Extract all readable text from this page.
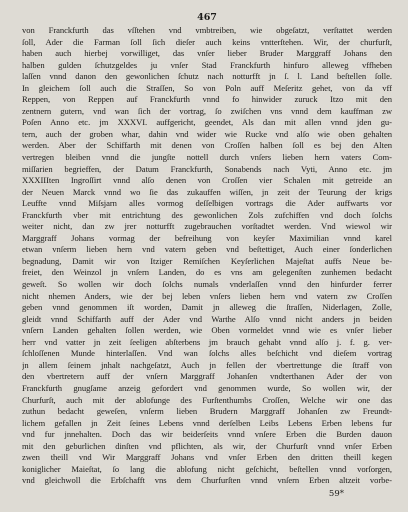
467
von Franckfurth das vſſtehen vnd vmbtreiben, wie obgeſatzt, verſtattet werden
ſoll, Ader die Farman ſoll ſich dieſer auch keins vntterſtehen. Wir, der churfurſt,
haben auch hierbej vorwilliget, das vnſer lieber Bruder Marggraff Johans den
halben gulden ſchutzgeldes ju vnſer Stad Franckfurth hinfuro alleweg vffheben
laſſen vnnd danon den gewonlichen ſchutz nach notturfft jn ſ. l. Land beſtellen ſolle.
In gleichem ſoll auch die Straſſen, So von Poln auff Meſeritz gehet, von da vff
Reppen, von Reppen auf Franckfurth vnnd fo hinwider zuruck Itzo mit den
zentnern gutern, vnd wan ſich der vortrag, ſo zwiſchen vns vnnd dem kauffman zw
Poſen Anno etc. jm XXXVI. auffgericht, geendet, Als dan mit allen vnnd jden gu-
tern, auch der groben whar, dahin vnd wider wie Rucke vnd alſo wie oben gehalten
werden. Aber der Schiffarth mit denen von Croſſen halben ſoll es bej den Alten
vertregen bleiben vnnd die jungſte nottell durch vnſers lieben hern vaters Com-
miſſarien begrieffen, der Datum Franckfurth, Sonabends nach Vyti, Anno etc. jm
XXXIIIten Ingroſſirt vnnd alſo denen von Croſſen vier Schalen mit getreide an
der Neuen Marck vnnd wo ſie das zukauffen wiſſen, jn zeit der Teurung der krigs
Leuffte vnnd Miſsjarn alles vormog deſſelbigen vortrags die Ader auffwarts vor
Franckfurth vber mit entrichtung des gewonlichen Zols zufchiffen vnd doch ſolchs
weiter nicht, dan zw jrer notturfft zugebrauchen vorſtadtet werden. Vnd wiewol wir
Marggraff Johans vormag der befreihung von keyſer Maximilian vnnd karel
etwan vnſerm lieben hern vnd vatern geben vnd beſtettiget, Auch einer ſonderlichen
begnadung, Damit wir von Itziger Remiſchen Keyſerlichen Majeſtat auffs Neue be-
freiet, den Weinzol jn vnſern Landen, do es vns am gelegenſten zunhemen bedacht
geweſt. So wollen wir doch ſolchs numals vnderlaſſen vnnd den hinfurder ferrer
nicht nhemen Anders, wie der bej leben vnſers lieben hern vnd vatern zw Croſſen
geben vnnd genommen iſt worden, Damit jn alleweg die ſtraſſen, Niderlagen, Zolle,
gleidt vnnd Schiffarth auff der Ader vnd Warthe Alſo vnnd nicht anders jn beiden
vnſern Landen gehalten ſollen werden, wie Oben vormeldet vnnd wie es vnſer lieber
herr vnd vatter jn zeit ſeeligen abſterbens jm brauch gehabt vnnd alſo j. f. g. ver-
ſchloſſenen Munde hinterlaſſen. Vnd wan ſolchs alles beſchicht vnd dieſem vortrag
jn allem ſeinem jnhalt nachgeſatzt, Auch jn fellen der vbertrettunge die ſtraff von
den vbertretern auff der vnſern Marggraff Johanſen vndterthanen Ader der von
Franckfurth gnugſame anzeig gefordert vnd genommen wurde, So wollen wir, der
Churfurſt, auch mit der ablofunge des Furſtenthumbs Croſſen, Welche wir one das
zuthun bedacht geweſen, vnſerm lieben Brudern Marggraff Johanſen zw Freundt-
lichem gefallen jn Zeit ſeines Lebens vnnd derſelben Leibs Lebens Erben lebens fur
vnd fur jnnehalten. Doch das wir beiderſeits vnnd vnſere Erben die Burden dauon
mit den geburlichen dinſten vnd pflichten, als wir, der Churfurſt vnnd vnſer Erben
zwen theill vnd Wir Marggraff Johans vnd vnſer Erben den dritten theill kegen
koniglicher Maieſtat, ſo lang die ablofung nicht geſchicht, beſtellen vnnd vorſorgen,
vnd gleichwoll die Erbſchafft vns dem Churfurſten vnnd vnſern Erben altzeit vorbe-
59*
